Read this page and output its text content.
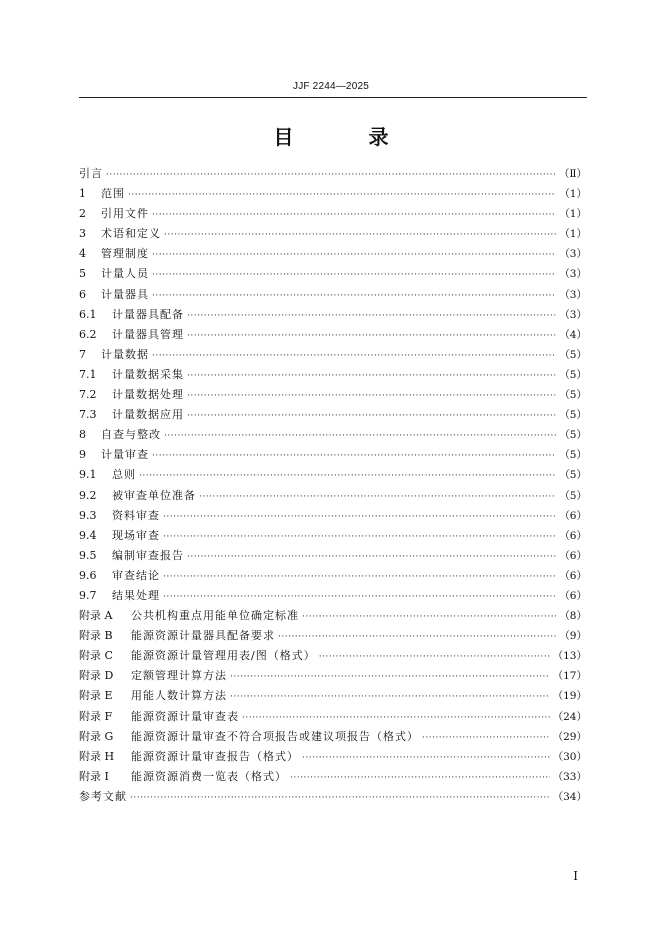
JJF 2244—2025
目 录
引言 ·····	（Ⅱ）
1	范围 ·····	（1）
2	引用文件 ·····	（1）
3	术语和定义 ·····	（1）
4	管理制度 ·····	（3）
5	计量人员 ·····	（3）
6	计量器具 ·····	（3）
6.1	计量器具配备 ·····	（3）
6.2	计量器具管理 ·····	（4）
7	计量数据 ·····	（5）
7.1	计量数据采集 ·····	（5）
7.2	计量数据处理 ·····	（5）
7.3	计量数据应用 ·····	（5）
8	自查与整改 ·····	（5）
9	计量审查 ·····	（5）
9.1	总则 ·····	（5）
9.2	被审查单位准备 ·····	（5）
9.3	资料审查 ·····	（6）
9.4	现场审查 ·····	（6）
9.5	编制审查报告 ·····	（6）
9.6	审查结论 ·····	（6）
9.7	结果处理 ·····	（6）
附录 A	公共机构重点用能单位确定标准 ·····	（8）
附录 B	能源资源计量器具配备要求 ·····	（9）
附录 C	能源资源计量管理用表/图（格式） ·····	（13）
附录 D	定额管理计算方法 ·····	（17）
附录 E	用能人数计算方法 ·····	（19）
附录 F	能源资源计量审查表 ·····	（24）
附录 G	能源资源计量审查不符合项报告或建议项报告（格式） ·····	（29）
附录 H	能源资源计量审查报告（格式） ·····	（30）
附录 I	能源资源消费一览表（格式） ·····	（33）
参考文献 ·····	（34）
Ⅰ
